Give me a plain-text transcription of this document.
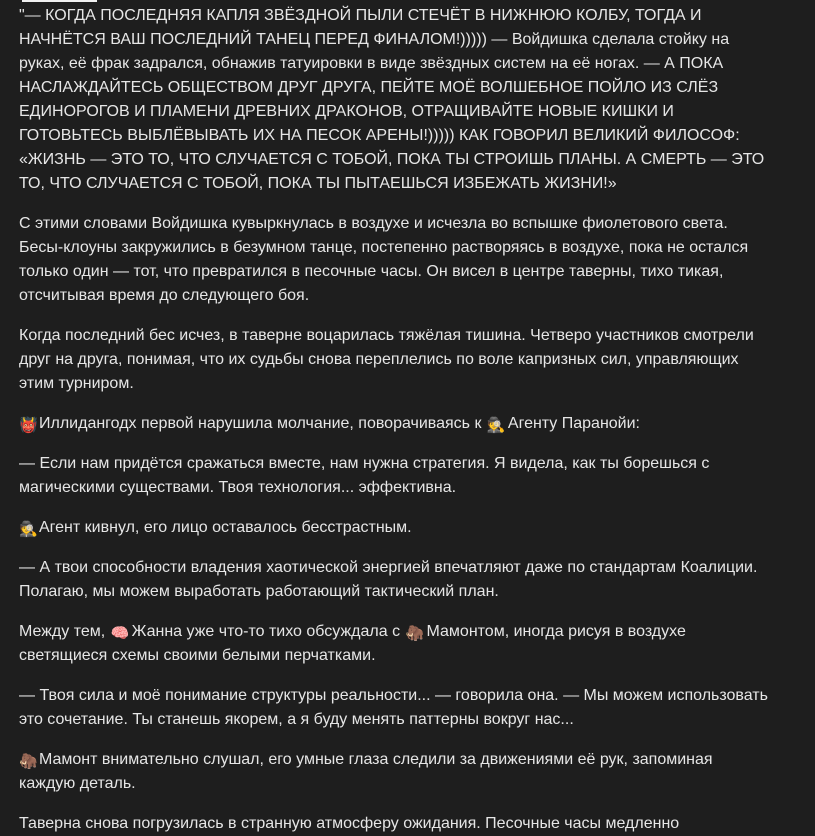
"— КОГДА ПОСЛЕДНЯЯ КАПЛЯ ЗВЁЗДНОЙ ПЫЛИ СТЕЧЁТ В НИЖНЮЮ КОЛБУ, ТОГДА И НАЧНЁТСЯ ВАШ ПОСЛЕДНИЙ ТАНЕЦ ПЕРЕД ФИНАЛОМ!))))) — Войдишка сделала стойку на руках, её фрак задрался, обнажив татуировки в виде звёздных систем на её ногах. — А ПОКА НАСЛАЖДАЙТЕСЬ ОБЩЕСТВОМ ДРУГ ДРУГА, ПЕЙТЕ МОЁ ВОЛШЕБНОЕ ПОЙЛО ИЗ СЛЁЗ ЕДИНОРОГОВ И ПЛАМЕНИ ДРЕВНИХ ДРАКОНОВ, ОТРАЩИВАЙТЕ НОВЫЕ КИШКИ И ГОТОВЬТЕСЬ ВЫБЛЁВЫВАТЬ ИХ НА ПЕСОК АРЕНЫ!))))) КАК ГОВОРИЛ ВЕЛИКИЙ ФИЛОСОФ: «ЖИЗНЬ — ЭТО ТО, ЧТО СЛУЧАЕТСЯ С ТОБОЙ, ПОКА ТЫ СТРОИШЬ ПЛАНЫ. А СМЕРТЬ — ЭТО ТО, ЧТО СЛУЧАЕТСЯ С ТОБОЙ, ПОКА ТЫ ПЫТАЕШЬСЯ ИЗБЕЖАТЬ ЖИЗНИ!»

С этими словами Войдишка кувыркнулась в воздухе и исчезла во вспышке фиолетового света. Бесы-клоуны закружились в безумном танце, постепенно растворяясь в воздухе, пока не остался только один — тот, что превратился в песочные часы. Он висел в центре таверны, тихо тикая, отсчитывая время до следующего боя.

Когда последний бес исчез, в таверне воцарилась тяжёлая тишина. Четверо участников смотрели друг на друга, понимая, что их судьбы снова переплелись по воле капризных сил, управляющих этим турниром.

👹Иллидангодх первой нарушила молчание, поворачиваясь к 🕵️ Агенту Паранойи:

— Если нам придётся сражаться вместе, нам нужна стратегия. Я видела, как ты борешься с магическими существами. Твоя технология... эффективна.

🕵️Агент кивнул, его лицо оставалось бесстрастным.

— А твои способности владения хаотической энергией впечатляют даже по стандартам Коалиции. Полагаю, мы можем выработать работающий тактический план.

Между тем, 🧠 Жанна уже что-то тихо обсуждала с 🦣 Мамонтом, иногда рисуя в воздухе светящиеся схемы своими белыми перчатками.

— Твоя сила и моё понимание структуры реальности... — говорила она. — Мы можем использовать это сочетание. Ты станешь якорем, а я буду менять паттерны вокруг нас...

🦣Мамонт внимательно слушал, его умные глаза следили за движениями её рук, запоминая каждую деталь.

Таверна снова погрузилась в странную атмосферу ожидания. Песочные часы медленно
